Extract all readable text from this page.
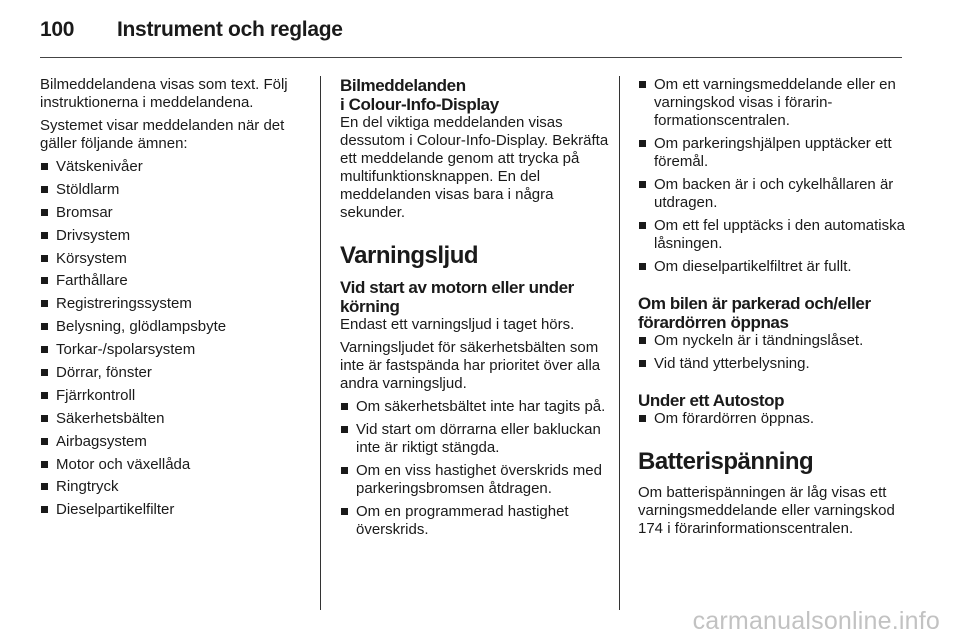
100 Instrument och reglage

Bilmeddelandena visas som text. Följ instruktionerna i meddelandena.

Systemet visar meddelanden när det gäller följande ämnen:

Vätskenivåer
Stöldlarm
Bromsar
Drivsystem
Körsystem
Farthållare
Registreringssystem
Belysning, glödlampsbyte
Torkar-/spolarsystem
Dörrar, fönster
Fjärrkontroll
Säkerhetsbälten
Airbagsystem
Motor och växellåda
Ringtryck
Dieselpartikelfilter
Bilmeddelanden
i Colour-Info-Display

En del viktiga meddelanden visas dessutom i Colour-Info-Display. Bekräfta ett meddelande genom att trycka på multifunktionsknappen. En del meddelanden visas bara i några sekunder.

Varningsljud
Vid start av motorn eller under körning

Endast ett varningsljud i taget hörs.

Varningsljudet för säkerhetsbälten som inte är fastspända har prioritet över alla andra varningsljud.

Om säkerhetsbältet inte har tagits på.
Vid start om dörrarna eller bakluckan inte är riktigt stängda.
Om en viss hastighet överskrids med parkeringsbromsen åtdragen.
Om en programmerad hastighet överskrids.
Om ett varningsmeddelande eller en varningskod visas i förarinformationscentralen.
Om parkeringshjälpen upptäcker ett föremål.
Om backen är i och cykelhållaren är utdragen.
Om ett fel upptäcks i den automatiska låsningen.
Om dieselpartikelfiltret är fullt.
Om bilen är parkerad och/eller förardörren öppnas
Om nyckeln är i tändningslåset.
Vid tänd ytterbelysning.
Under ett Autostop
Om förardörren öppnas.
Batterispänning

Om batterispänningen är låg visas ett varningsmeddelande eller varningskod 174 i förarinformationscentralen.

carmanualsonline.info
